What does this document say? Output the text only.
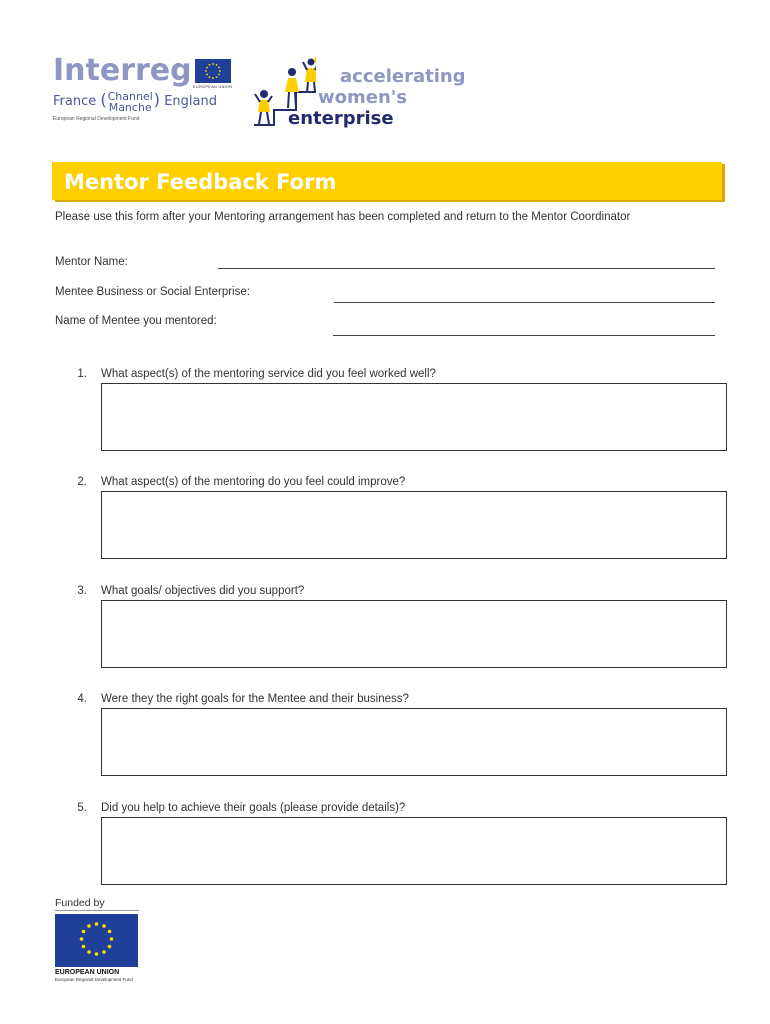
Interreg EUROPEAN UNION
France (Channel
Manche ) England
European Regional Development Fund
accelerating
women's
enterprise
Mentor Feedback Form
Please use this form after your Mentoring arrangement has been completed and return to the Mentor Coordinator
Mentor Name:
Mentee Business or Social Enterprise:
Name of Mentee you mentored:
1. What aspect(s) of the mentoring service did you feel worked well?
2. What aspect(s) of the mentoring do you feel could improve?
3. What goals/ objectives did you support?
4. Were they the right goals for the Mentee and their business?
5. Did you help to achieve their goals (please provide details)?
Funded by
EUROPEAN UNION
European Regional Development Fund
